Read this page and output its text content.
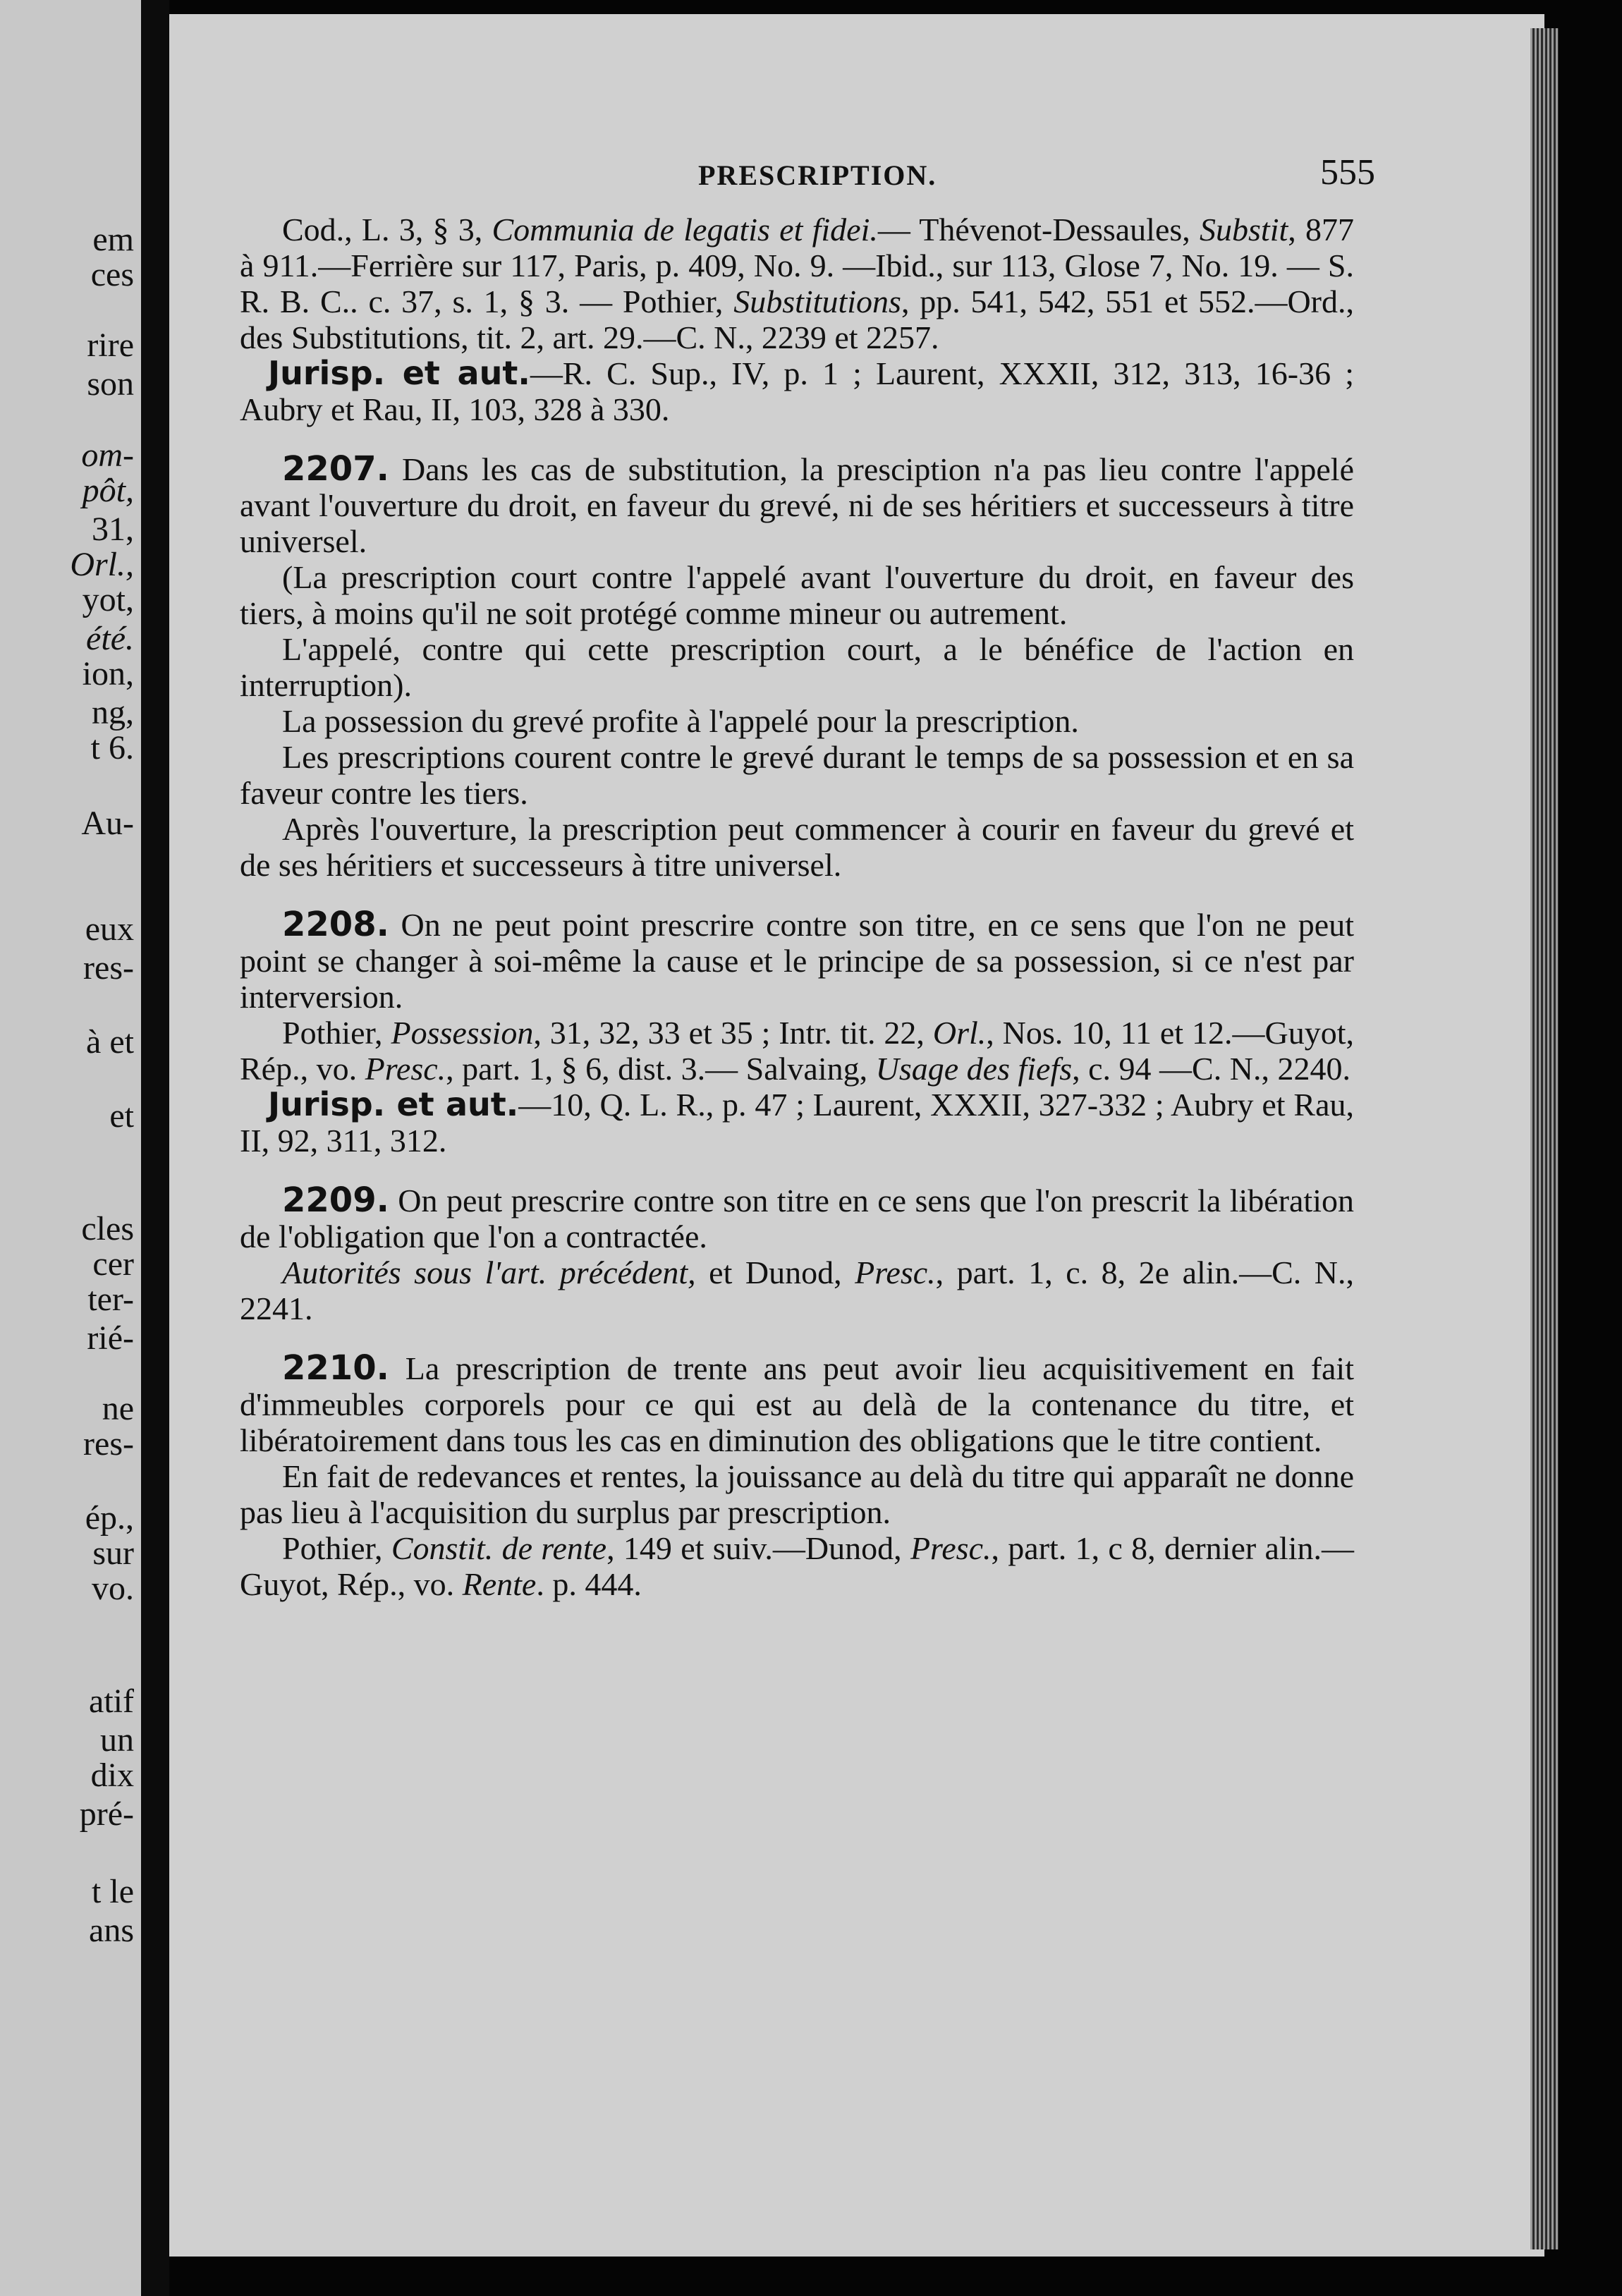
em
ces
rire
son
om-
pôt,
31,
Orl.,
yot,
été.
ion,
ng,
t 6.
Au-
eux
res-
à et
et
cles
cer
ter-
rié-
ne
res-
ép.,
sur
vo.
atif
un
dix
pré-
t le
ans
PRESCRIPTION.	555

Cod., L. 3, § 3, Communia de legatis et fidei.— Thévenot-Dessaules, Substit, 877 à 911.—Ferrière sur 117, Paris, p. 409, No. 9. —Ibid., sur 113, Glose 7, No. 19. — S. R. B. C.. c. 37, s. 1, § 3. — Pothier, Substitutions, pp. 541, 542, 551 et 552.—Ord., des Substitutions, tit. 2, art. 29.—C. N., 2239 et 2257.

Jurisp. et aut.—R. C. Sup., IV, p. 1 ; Laurent, XXXII, 312, 313, 16-36 ; Aubry et Rau, II, 103, 328 à 330.

2207. Dans les cas de substitution, la presciption n'a pas lieu contre l'appelé avant l'ouverture du droit, en faveur du grevé, ni de ses héritiers et successeurs à titre universel.

(La prescription court contre l'appelé avant l'ouverture du droit, en faveur des tiers, à moins qu'il ne soit protégé comme mineur ou autrement.

L'appelé, contre qui cette prescription court, a le bénéfice de l'action en interruption).

La possession du grevé profite à l'appelé pour la prescription.

Les prescriptions courent contre le grevé durant le temps de sa possession et en sa faveur contre les tiers.

Après l'ouverture, la prescription peut commencer à courir en faveur du grevé et de ses héritiers et successeurs à titre universel.

2208. On ne peut point prescrire contre son titre, en ce sens que l'on ne peut point se changer à soi-même la cause et le principe de sa possession, si ce n'est par interversion.

Pothier, Possession, 31, 32, 33 et 35 ; Intr. tit. 22, Orl., Nos. 10, 11 et 12.—Guyot, Rép., vo. Presc., part. 1, § 6, dist. 3.— Salvaing, Usage des fiefs, c. 94 —C. N., 2240.

Jurisp. et aut.—10, Q. L. R., p. 47 ; Laurent, XXXII, 327-332 ; Aubry et Rau, II, 92, 311, 312.

2209. On peut prescrire contre son titre en ce sens que l'on prescrit la libération de l'obligation que l'on a contractée.

Autorités sous l'art. précédent, et Dunod, Presc., part. 1, c. 8, 2e alin.—C. N., 2241.

2210. La prescription de trente ans peut avoir lieu acquisitivement en fait d'immeubles corporels pour ce qui est au delà de la contenance du titre, et libératoirement dans tous les cas en diminution des obligations que le titre contient.

En fait de redevances et rentes, la jouissance au delà du titre qui apparaît ne donne pas lieu à l'acquisition du surplus par prescription.

Pothier, Constit. de rente, 149 et suiv.—Dunod, Presc., part. 1, c 8, dernier alin.—Guyot, Rép., vo. Rente. p. 444.
